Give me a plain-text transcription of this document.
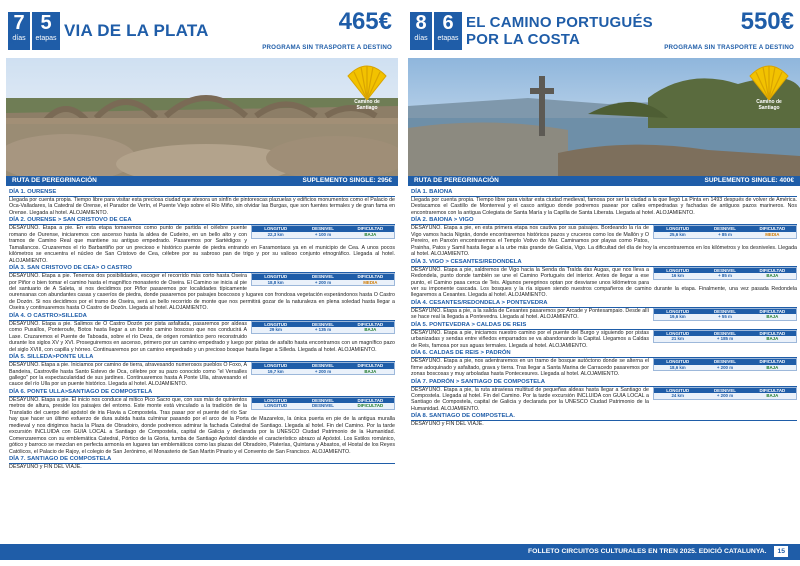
7
días
5
etapas
14
VIA DE LA PLATA	465€
PROGRAMA SIN TRASPORTE A DESTINO
Camino de Santiago
RUTA DE PEREGRINACIÓN	SUPLEMENTO SINGLE: 295€
DÍA 1. OURENSE
Llegada por cuenta propia. Tiempo libre para visitar esta preciosa ciudad que atesora un sinfín de pintorescas plazuelas y edificios monumentos como el Palacio de Oca-Valladares, la Catedral de Orense, el Parador de Verín, el Puente Viejo sobre el Río Miño, sin olvidar las Burgas, que son fuentes termales y de gran fama en Orense. Llegada al hotel. ALOJAMIENTO.
DÍA 2. OURENSE > SAN CRISTOVO DE CEA
LONGITUD	DESNIVEL	DIFICULTAD
22,3 km	+ 100 m	BAJA
DESAYUNO. Etapa a pie. En esta etapa tomaremos como punto de partida el célebre puente romano de Ourense, iniciaremos con ascenso hasta la aldea de Cudeiro, en un bello alto y con tramos de Camino Real que mantiene su antiguo empedrado. Pasaremos por Sartédigos y Tamallancos. Cruzaremos el río Barbantiño por un precioso e histórico puente de piedra entrando en Faramontaos ya en el municipio de Cea. A unos pocos kilómetros se encuentra el núcleo de San Cristovo de Cea, célebre por su sabroso pan de trigo y por su valioso conjunto etnográfico. Llegada al hotel. ALOJAMIENTO.
DÍA 3. SAN CRISTOVO DE CEA> O CASTRO
LONGITUD	DESNIVEL	DIFICULTAD
18,8 km	+ 200 m	MEDIA
DESAYUNO. Etapa a pie. Tenemos dos posibilidades, escoger el recorrido más corto hasta Oseira por Piñor o bien tomar el camino hasta el magnífico monasterio de Oseira. El Camino se inicia al pie del santuario de A Saleta, si nos decidimos por Piñor pasaremos por localidades típicamente ourensanas con abundantes casas y caseríos de piedra, donde pasaremos por paisajes boscosos y lugares con frondosa vegetación esperándonos hasta O Castro de Dozón. Si nos decidimos por el tramo de Oseira, será un bello recorrido de monte que nos permitirá gozar de la naturaleza en plena soledad hasta llegar a Oseira y continuaremos hasta O Castro de Dozón. Llegada al hotel. ALOJAMIENTO.
DÍA 4. O CASTRO>SILLEDA
LONGITUD	DESNIVEL	DIFICULTAD
29 km	+ 135 m	BAJA
DESAYUNO. Etapa a pie. Salimos de O Castro Dozón por pista asfaltada, pasaremos por aldeas como Puxallos, Ponteroufe, Botos hasta llegar a un bonito camino boscoso que nos conducirá A Laxe. Cruzaremos el Puente de Taboada, sobre el río Deza, de origen romántico pero reconstruido durante los siglos XV y XVI. Proseguiremos en ascenso, primero por un camino empedrado y luego por pistas de asfalto hasta encontrarnos con un magnífico pazo del siglo XVIII, con capilla y hórreo. Continuaremos por un camino empedrado y un precioso bosque hasta llegar a Silleda. Llegada al hotel. ALOJAMIENTO.
DÍA 5. SILLEDA>PONTE ULLA
LONGITUD	DESNIVEL	DIFICULTAD
19,7 km	+ 200 m	BAJA
DESAYUNO. Etapa a pie. Iniciamos por camino de tierra, atravesando numerosos pueblos O Foxo, A Bandeira, Castroville hasta Santo Estevo de Oca, célebre por su pazo conocido como "el Versalles gallego" por la espectacularidad de sus jardines. Continuaremos hasta A Ponte Ulla, atravesando el cauce del río Ulla por un puente histórico. Llegada al hotel. ALOJAMIENTO.
DÍA 6. PONTE ULLA>SANTIAGO DE COMPOSTELA
LONGITUD	DESNIVEL	DIFICULTAD
LONGITUD	DESNIVEL	DIFICULTAD
DESAYUNO. Etapa a pie. El inicio nos conduce al mítico Pico Sacro que, con sus más de quinientos metros de altura, preside los paisajes del entorno. Este monte está vinculado a la tradición de la Translatio del cuerpo del apóstol de iria Flavia a Compostela. Tras pasar por el puente del río Sar hay que hacer un último esfuerzo de dura subida hasta culminar pasando por el arco de la Porta de Mazarelos, la única puerta en pie de la antigua muralla medieval y nos dirigimos hacia la Plaza de Obradoiro, donde podremos admirar la fachada Catedral de Santiago. Llegada al hotel. Fin del Camino. Por la tarde excursión INCLUIDA con GUIA LOCAL a Santiago de Compostela, capital de Galicia y declarada por la UNESCO Ciudad Patrimonio de la Humanidad. Comenzaremos con su emblemática Catedral, Pórtico de la Gloria, tumba de Santiago Apóstol dándole el característico abrazo al Apóstol. Los Estilos románico, gótico y barroco se mezclan en perfecta armonía en lugares tan emblemáticos como las plazas del Obradoiro, Platerías, Quintana y Abastos, el Hostal de los Reyes Católicos, el Palacio de Rajoy, el colegio de San Jerónimo, el Monasterio de San Martin Pinario y el Convento de San Francisco. ALOJAMIENTO.
DÍA 7. SANTIAGO DE COMPOSTELA
DESAYUNO y FIN DEL VIAJE.
8
días
6
etapas
EL CAMINO PORTUGUÉS POR LA COSTA
550€
PROGRAMA SIN TRASPORTE A DESTINO
Camino de Santiago
RUTA DE PEREGRINACIÓN	SUPLEMENTO SINGLE: 400€
DÍA 1. BAIONA
Llegada por cuenta propia. Tiempo libre para visitar esta ciudad medieval, famosa por ser la ciudad a la que llegó La Pinta en 1493 después de volver de América. Destacamos el Castillo de Monterreal y el casco antiguo donde podremos pasear por calles empedradas y fachadas de antiguos pazos marineros. Nos encontraremos con la antigua Colegiata de Santa María y la Capilla de Santa Liberata. Llegada al hotel. ALOJAMIENTO.
DÍA 2. BAIONA > VIGO
LONGITUD	DESNIVEL	DIFICULTAD
25,6 km	+ 85 m	MEDIA
DESAYUNO. Etapa a pie, en esta primera etapa nos cautiva por sus paisajes. Bordeando la ría de Vigo vamos hacia Nigrán, donde encontraremos históricos pazos y cruceros como los de Mallón y O Pereiro, en Panxón encontraremos el Templo Votivo do Mar. Caminamos por playas como Patos, Prainha, Patos y Samil hasta llegar a la urbe más grande de Galicia, Vigo. La dificultad del día de hoy la encontraremos en los kilómetros y los desniveles. Llegada al hotel. ALOJAMIENTO.
DÍA 3. VIGO > CESANTES/REDONDELA
LONGITUD	DESNIVEL	DIFICULTAD
16 km	+ 85 m	BAJA
DESAYUNO. Etapa a pie, saldremos de Vigo hacia la Senda da Traída das Augas, que nos lleva a Redondela, punto donde también se une el Camino Portugués del interior. Antes de llegar a ese punto, el Camino pasa cerca de Teis. Algunos peregrinos optan por desviarse unos kilómetros para ver su imponente cascada. Los bosques y la ría siguen siendo nuestros compañeros de camino durante la etapa. Finalmente, una vez pasada Redondela llegaremos a Cesantes. Llegada al hotel. ALOJAMIENTO.
DÍA 4. CESANTES/REDONDELA > PONTEVEDRA
LONGITUD	DESNIVEL	DIFICULTAD
19,6 km	+ 55 m	BAJA
DESAYUNO. Etapa a pie, a la salida de Cesantes pasaremos por Arcade y Pontesampaio. Desde allí se hace real la llegada a Pontevedra. Llegada al hotel. ALOJAMIENTO.
DÍA 5. PONTEVEDRA > CALDAS DE REIS
LONGITUD	DESNIVEL	DIFICULTAD
21 km	+ 185 m	BAJA
DESAYUNO. Etapa a pie, iniciamos nuestro camino por el puente del Burgo y siguiendo por pistas urbanizadas y sendas entre viñedos emparrados se va abandonando la Capital. Llegamos a Caldas de Reis, famosa por sus aguas termales. Llegada al hotel. ALOJAMIENTO.
DÍA 6. CALDAS DE REIS > PADRÓN
LONGITUD	DESNIVEL	DIFICULTAD
18,6 km	+ 200 m	BAJA
DESAYUNO. Etapa a pie, nos adentraremos en un tramo de bosque autóctono donde se alterna el firme adoquinado y asfaltado, grava y tierra. Tras llegar a Santa Marina de Carracedo pasaremos por zonas boscosas y muy arboladas hasta Pontecesures. Llegada al hotel. ALOJAMIENTO.
DÍA 7. PADRÓN > SANTIAGO DE COMPOSTELA
LONGITUD	DESNIVEL	DIFICULTAD
24 km	+ 200 m	BAJA
DESAYUNO. Etapa a pie, la ruta atraviesa multitud de pequeñas aldeas hasta llegar a Santiago de Compostela. Llegada al hotel. Fin del Camino. Por la tarde excursión INCLUIDA con GUIA LOCAL a Santiago de Compostela, capital de Galicia y declarada por la UNESCO Ciudad Patrimonio de la Humanidad. ALOJAMIENTO.
DÍA 8. SANTIAGO DE COMPOSTELA.
DESAYUNO y FIN DEL VIAJE.
FOLLETO CIRCUITOS CULTURALES EN TREN 2025. EDICIÓ CATALUNYA. 15
